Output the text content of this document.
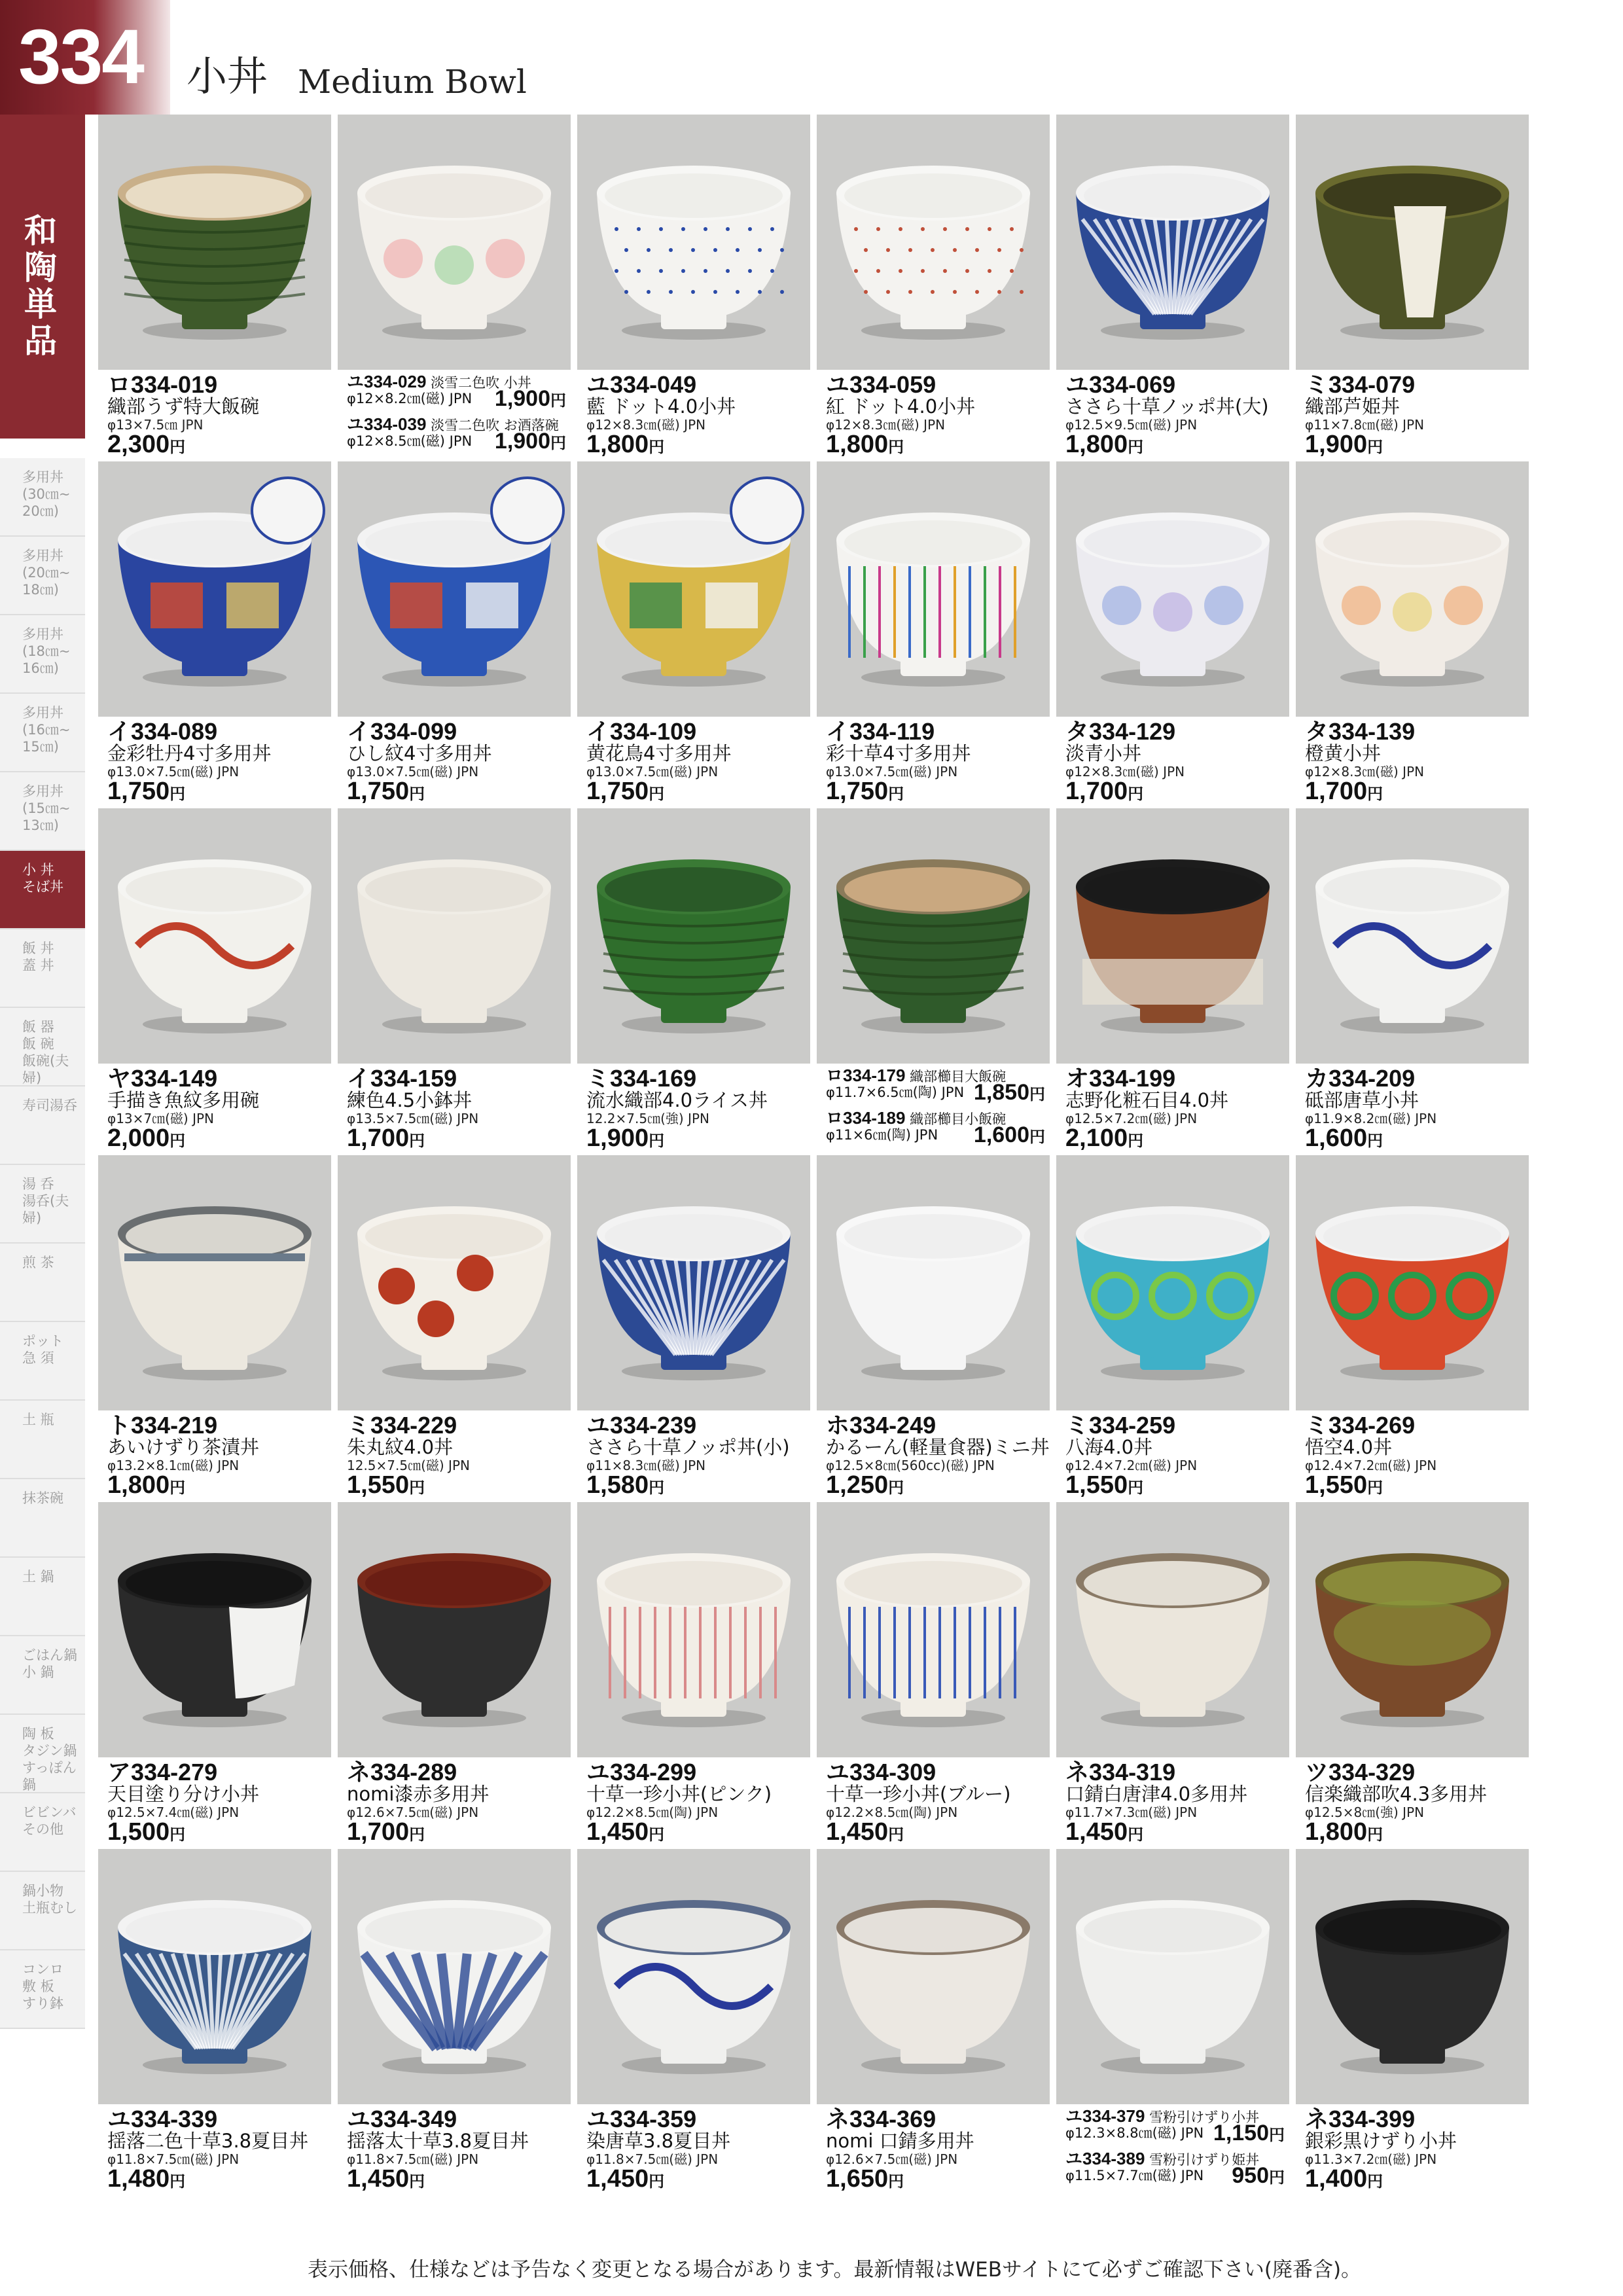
334 小丼 Medium Bowl
和陶単品
多用丼
(30㎝~
20㎝)
多用丼
(20㎝~
18㎝)
多用丼
(18㎝~
16㎝)
多用丼
(16㎝~
15㎝)
多用丼
(15㎝~
13㎝)
小 丼
そば丼
飯 丼
蓋 丼
飯 器
飯 碗
飯碗(夫婦)
寿司湯呑
湯 呑
湯呑(夫婦)
煎 茶
ポット
急 須
土 瓶
抹茶碗
土 鍋
ごはん鍋
小 鍋
陶 板
タジン鍋
すっぽん鍋
ビビンバ
その他
鍋小物
土瓶むし
コンロ
敷 板
すり鉢
ロ334-019
織部うず特大飯碗
φ13×7.5㎝ JPN
2,300円
ユ334-029 淡雪二色吹 小丼
φ12×8.2㎝(磁) JPN 1,900円
ユ334-039 淡雪二色吹 お酒落碗
φ12×8.5㎝(磁) JPN 1,900円
ユ334-049
藍 ドット4.0小丼
φ12×8.3㎝(磁) JPN
1,800円
ユ334-059
紅 ドット4.0小丼
φ12×8.3㎝(磁) JPN
1,800円
ユ334-069
ささら十草ノッポ丼(大)
φ12.5×9.5㎝(磁) JPN
1,800円
ミ334-079
織部芦姫丼
φ11×7.8㎝(磁) JPN
1,900円
イ334-089
金彩牡丹4寸多用丼
φ13.0×7.5㎝(磁) JPN
1,750円
イ334-099
ひし紋4寸多用丼
φ13.0×7.5㎝(磁) JPN
1,750円
イ334-109
黄花鳥4寸多用丼
φ13.0×7.5㎝(磁) JPN
1,750円
イ334-119
彩十草4寸多用丼
φ13.0×7.5㎝(磁) JPN
1,750円
タ334-129
淡青小丼
φ12×8.3㎝(磁) JPN
1,700円
タ334-139
橙黄小丼
φ12×8.3㎝(磁) JPN
1,700円
ヤ334-149
手描き魚紋多用碗
φ13×7㎝(磁) JPN
2,000円
イ334-159
練色4.5小鉢丼
φ13.5×7.5㎝(磁) JPN
1,700円
ミ334-169
流水織部4.0ライス丼
12.2×7.5㎝(強) JPN
1,900円
ロ334-179 織部櫛目大飯碗
φ11.7×6.5㎝(陶) JPN 1,850円
ロ334-189 織部櫛目小飯碗
φ11×6㎝(陶) JPN 1,600円
オ334-199
志野化粧石目4.0丼
φ12.5×7.2㎝(磁) JPN
2,100円
カ334-209
砥部唐草小丼
φ11.9×8.2㎝(磁) JPN
1,600円
ト334-219
あいけずり茶漬丼
φ13.2×8.1㎝(磁) JPN
1,800円
ミ334-229
朱丸紋4.0丼
12.5×7.5㎝(磁) JPN
1,550円
ユ334-239
ささら十草ノッポ丼(小)
φ11×8.3㎝(磁) JPN
1,580円
ホ334-249
かるーん(軽量食器)ミニ丼
φ12.5×8㎝(560cc)(磁) JPN
1,250円
ミ334-259
八海4.0丼
φ12.4×7.2㎝(磁) JPN
1,550円
ミ334-269
悟空4.0丼
φ12.4×7.2㎝(磁) JPN
1,550円
ア334-279
天目塗り分け小丼
φ12.5×7.4㎝(磁) JPN
1,500円
ネ334-289
nomi漆赤多用丼
φ12.6×7.5㎝(磁) JPN
1,700円
ユ334-299
十草一珍小丼(ピンク)
φ12.2×8.5㎝(陶) JPN
1,450円
ユ334-309
十草一珍小丼(ブルー)
φ12.2×8.5㎝(陶) JPN
1,450円
ネ334-319
口錆白唐津4.0多用丼
φ11.7×7.3㎝(磁) JPN
1,450円
ツ334-329
信楽織部吹4.3多用丼
φ12.5×8㎝(強) JPN
1,800円
ユ334-339
揺落二色十草3.8夏目丼
φ11.8×7.5㎝(磁) JPN
1,480円
ユ334-349
揺落太十草3.8夏目丼
φ11.8×7.5㎝(磁) JPN
1,450円
ユ334-359
染唐草3.8夏目丼
φ11.8×7.5㎝(磁) JPN
1,450円
ネ334-369
nomi 口錆多用丼
φ12.6×7.5㎝(磁) JPN
1,650円
ユ334-379 雪粉引けずり小丼
φ12.3×8.8㎝(磁) JPN 1,150円
ユ334-389 雪粉引けずり姫丼
φ11.5×7.7㎝(磁) JPN 950円
ネ334-399
銀彩黒けずり小丼
φ11.3×7.2㎝(磁) JPN
1,400円
表示価格、仕様などは予告なく変更となる場合があります。最新情報はWEBサイトにて必ずご確認下さい(廃番含)。
